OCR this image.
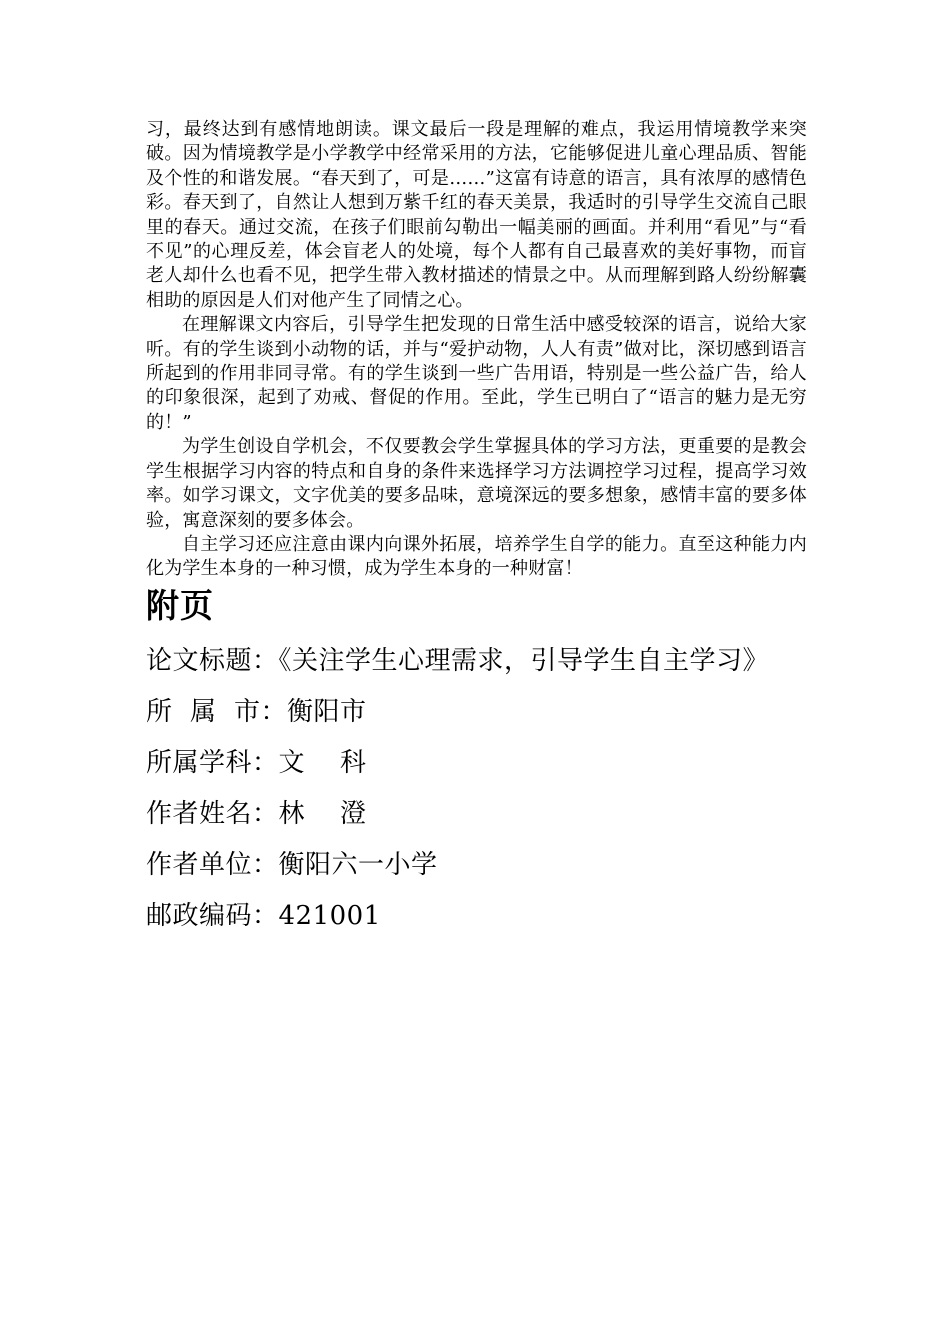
习，最终达到有感情地朗读。课文最后一段是理解的难点，我运用情境教学来突破。因为情境教学是小学教学中经常采用的方法，它能够促进儿童心理品质、智能及个性的和谐发展。“春天到了，可是……”这富有诗意的语言，具有浓厚的感情色彩。春天到了，自然让人想到万紫千红的春天美景，我适时的引导学生交流自己眼里的春天。通过交流，在孩子们眼前勾勒出一幅美丽的画面。并利用“看见”与“看不见”的心理反差，体会盲老人的处境，每个人都有自己最喜欢的美好事物，而盲老人却什么也看不见，把学生带入教材描述的情景之中。从而理解到路人纷纷解囊相助的原因是人们对他产生了同情之心。

在理解课文内容后，引导学生把发现的日常生活中感受较深的语言，说给大家听。有的学生谈到小动物的话，并与“爱护动物，人人有责”做对比，深切感到语言所起到的作用非同寻常。有的学生谈到一些广告用语，特别是一些公益广告，给人的印象很深，起到了劝戒、督促的作用。至此，学生已明白了“语言的魅力是无穷的！”

为学生创设自学机会，不仅要教会学生掌握具体的学习方法，更重要的是教会学生根据学习内容的特点和自身的条件来选择学习方法调控学习过程，提高学习效率。如学习课文，文字优美的要多品味，意境深远的要多想象，感情丰富的要多体验，寓意深刻的要多体会。

自主学习还应注意由课内向课外拓展，培养学生自学的能力。直至这种能力内化为学生本身的一种习惯，成为学生本身的一种财富！

附页
论文标题：《关注学生心理需求，引导学生自主学习》
所  属  市：衡阳市
所属学科：文    科
作者姓名：林    澄
作者单位：衡阳六一小学
邮政编码：421001
